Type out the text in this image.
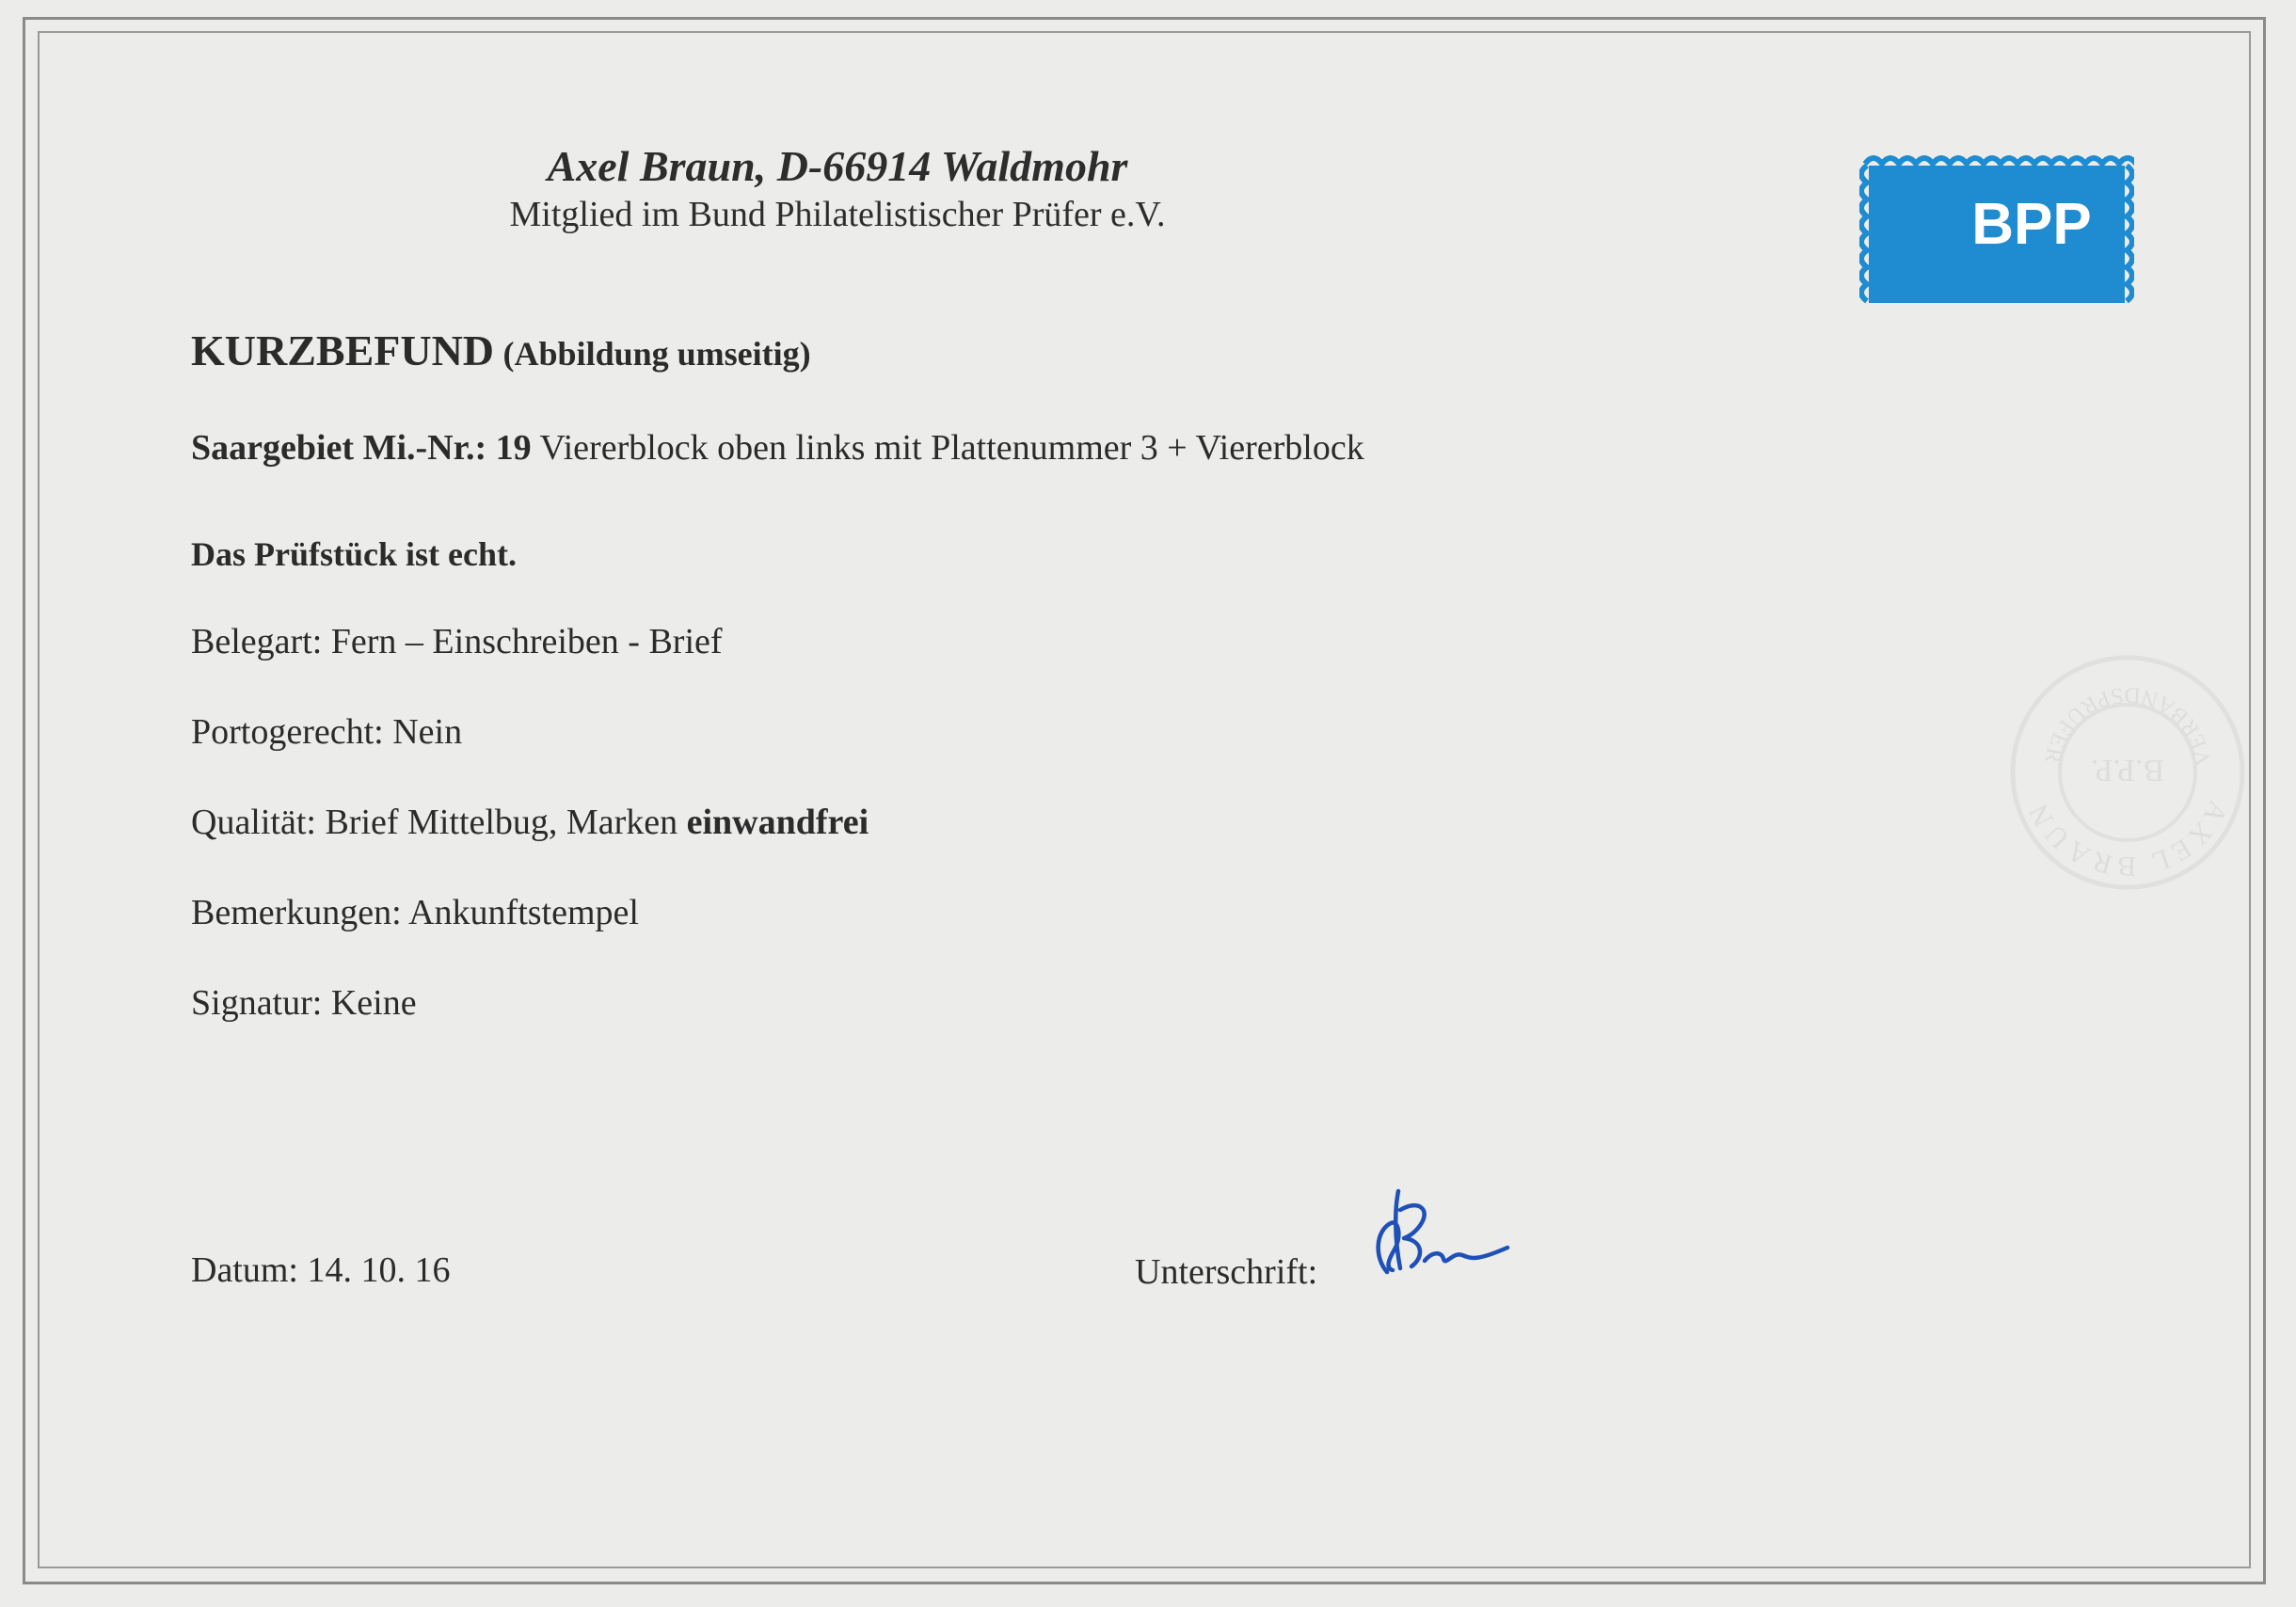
Axel Braun, D-66914 Waldmohr
Mitglied im Bund Philatelistischer Prüfer e.V.	BPP
KURZBEFUND (Abbildung umseitig)
Saargebiet Mi.-Nr.: 19 Viererblock oben links mit Plattenummer 3 + Viererblock
Das Prüfstück ist echt.
Belegart: Fern – Einschreiben - Brief
Portogerecht: Nein
Qualität: Brief Mittelbug, Marken einwandfrei
Bemerkungen: Ankunftstempel
Signatur: Keine
AXEL BRAUN
B.P.P.	VERBANDSPRÜFER
Datum: 14. 10. 16	Unterschrift:
